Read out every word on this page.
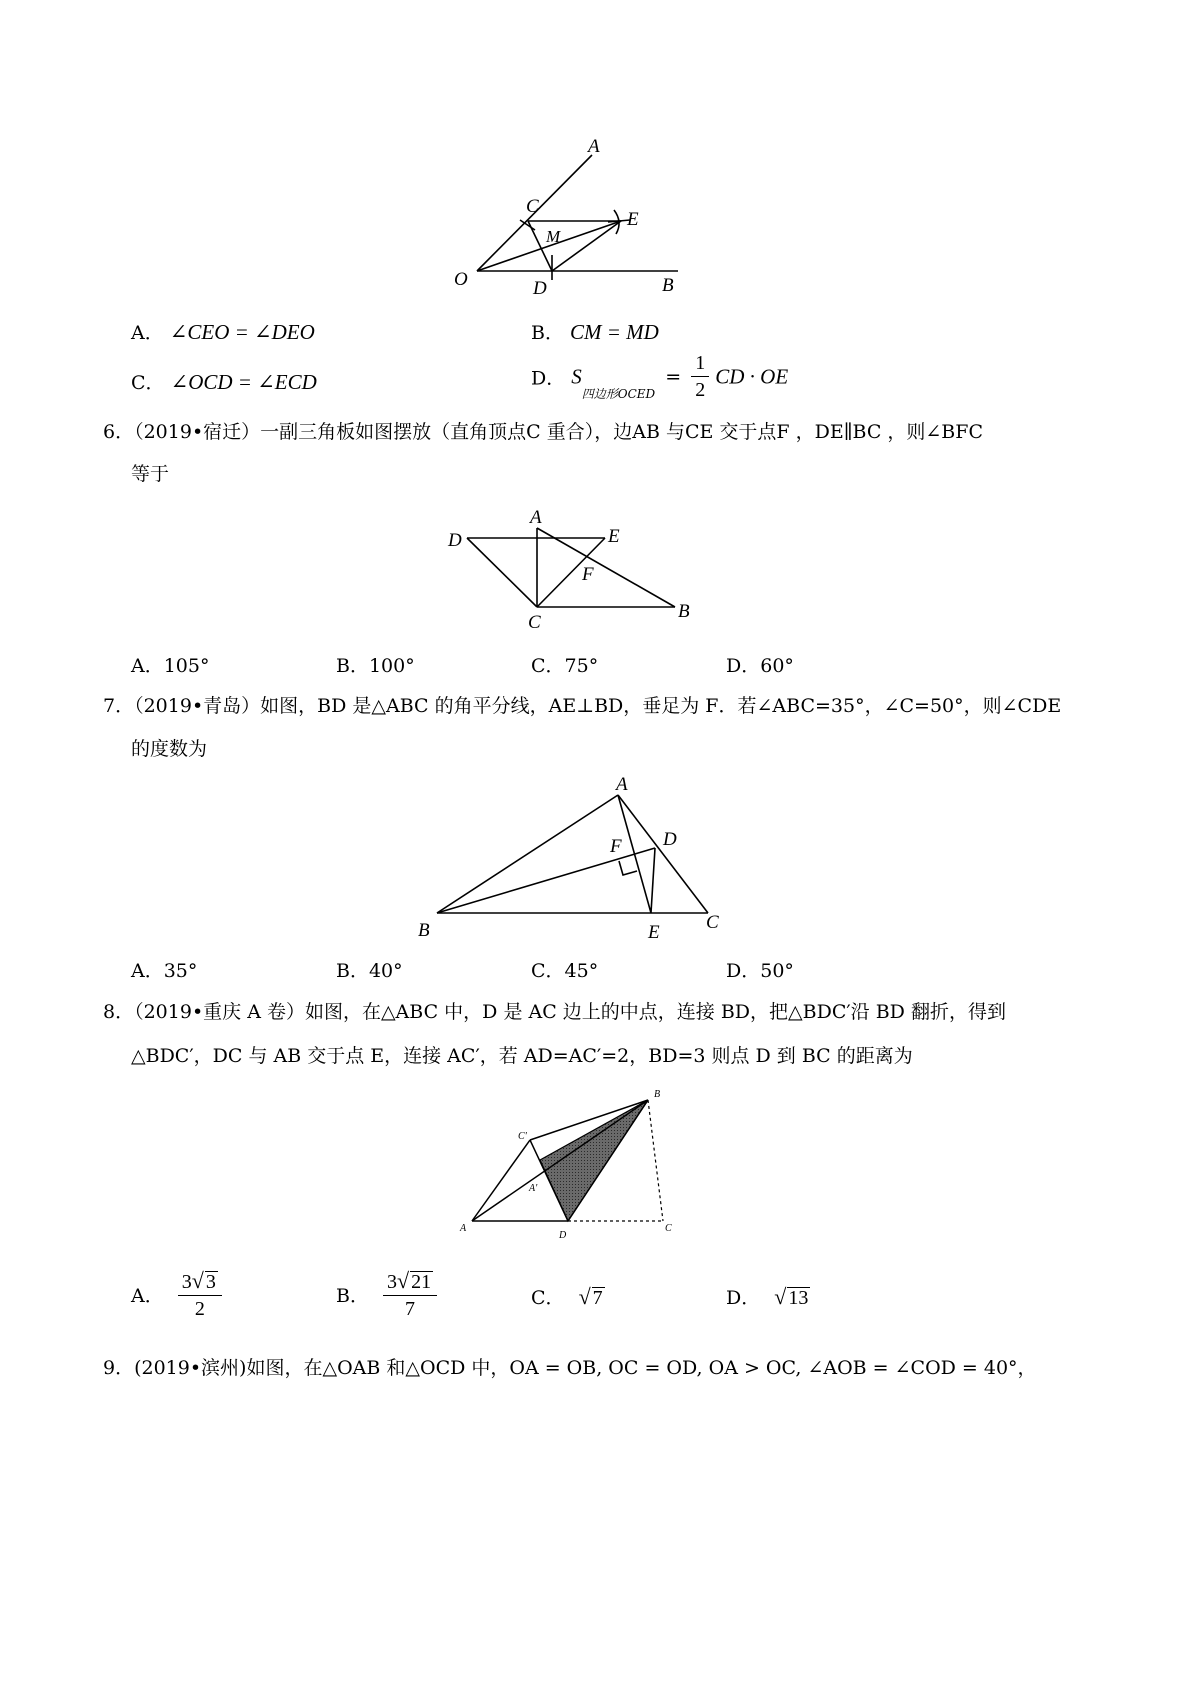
A
C
E
M
O	D	B
A． ∠CEO = ∠DEO	B． CM = MD
C． ∠OCD = ∠ECD	D． $S_{四边形OCED} = \frac{1}{2}$ CD · OE
6．（2019•宿迁）一副三角板如图摆放（直角顶点C 重合），边AB 与CE 交于点F ，DE∥BC ，则∠BFC
等于
A
D	E
F
C
B
A．105°	B．100°	C．75°	D．60°
7．（2019•青岛）如图，BD 是△ABC 的角平分线，AE⊥BD，垂足为 F．若∠ABC=35°，∠C=50°，则∠CDE
的度数为
A
F D
B	E C
A．35°	B．40°	C．45°	D．50°
8．（2019•重庆 A 卷）如图，在△ABC 中，D 是 AC 边上的中点，连接 BD，把△BDC′沿 BD 翻折，得到
△BDC′，DC 与 AB 交于点 E，连接 AC′，若 AD=AC′=2，BD=3 则点 D 到 BC 的距离为
B
C'
A'
A
D
C
A． $\frac{3√ 3}{2}$	B． $\frac{3√ 21}{7}$	C． √ 7	D． √ 13
9．(2019•滨州)如图，在△OAB 和△OCD 中，OA = OB, OC = OD, OA > OC, ∠AOB = ∠COD = 40°，
